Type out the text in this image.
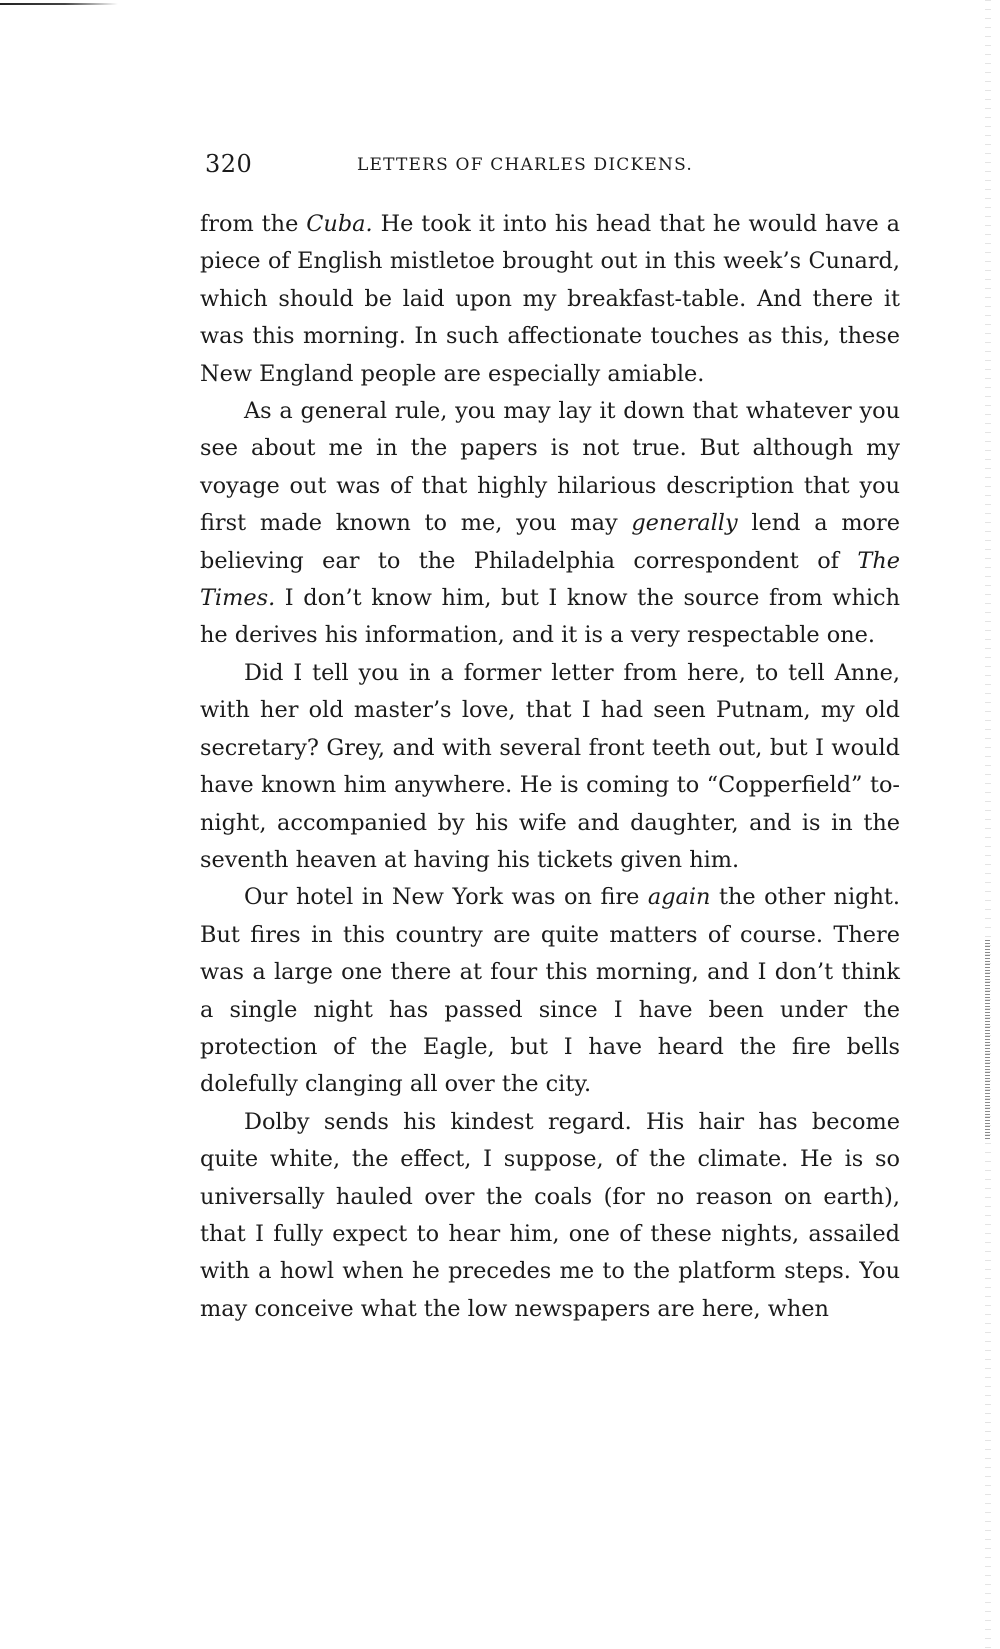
320	LETTERS OF CHARLES DICKENS.

from the Cuba. He took it into his head that he would have a piece of English mistletoe brought out in this week’s Cunard, which should be laid upon my breakfast-table. And there it was this morning. In such affectionate touches as this, these New England people are especially amiable.

As a general rule, you may lay it down that whatever you see about me in the papers is not true. But although my voyage out was of that highly hilarious description that you first made known to me, you may generally lend a more believing ear to the Philadelphia correspondent of The Times. I don’t know him, but I know the source from which he derives his information, and it is a very respectable one.

Did I tell you in a former letter from here, to tell Anne, with her old master’s love, that I had seen Putnam, my old secretary? Grey, and with several front teeth out, but I would have known him anywhere. He is coming to “Copperfield” to-night, accompanied by his wife and daughter, and is in the seventh heaven at having his tickets given him.

Our hotel in New York was on fire again the other night. But fires in this country are quite matters of course. There was a large one there at four this morning, and I don’t think a single night has passed since I have been under the protection of the Eagle, but I have heard the fire bells dolefully clanging all over the city.

Dolby sends his kindest regard. His hair has become quite white, the effect, I suppose, of the climate. He is so universally hauled over the coals (for no reason on earth), that I fully expect to hear him, one of these nights, assailed with a howl when he precedes me to the platform steps. You may conceive what the low newspapers are here, when
